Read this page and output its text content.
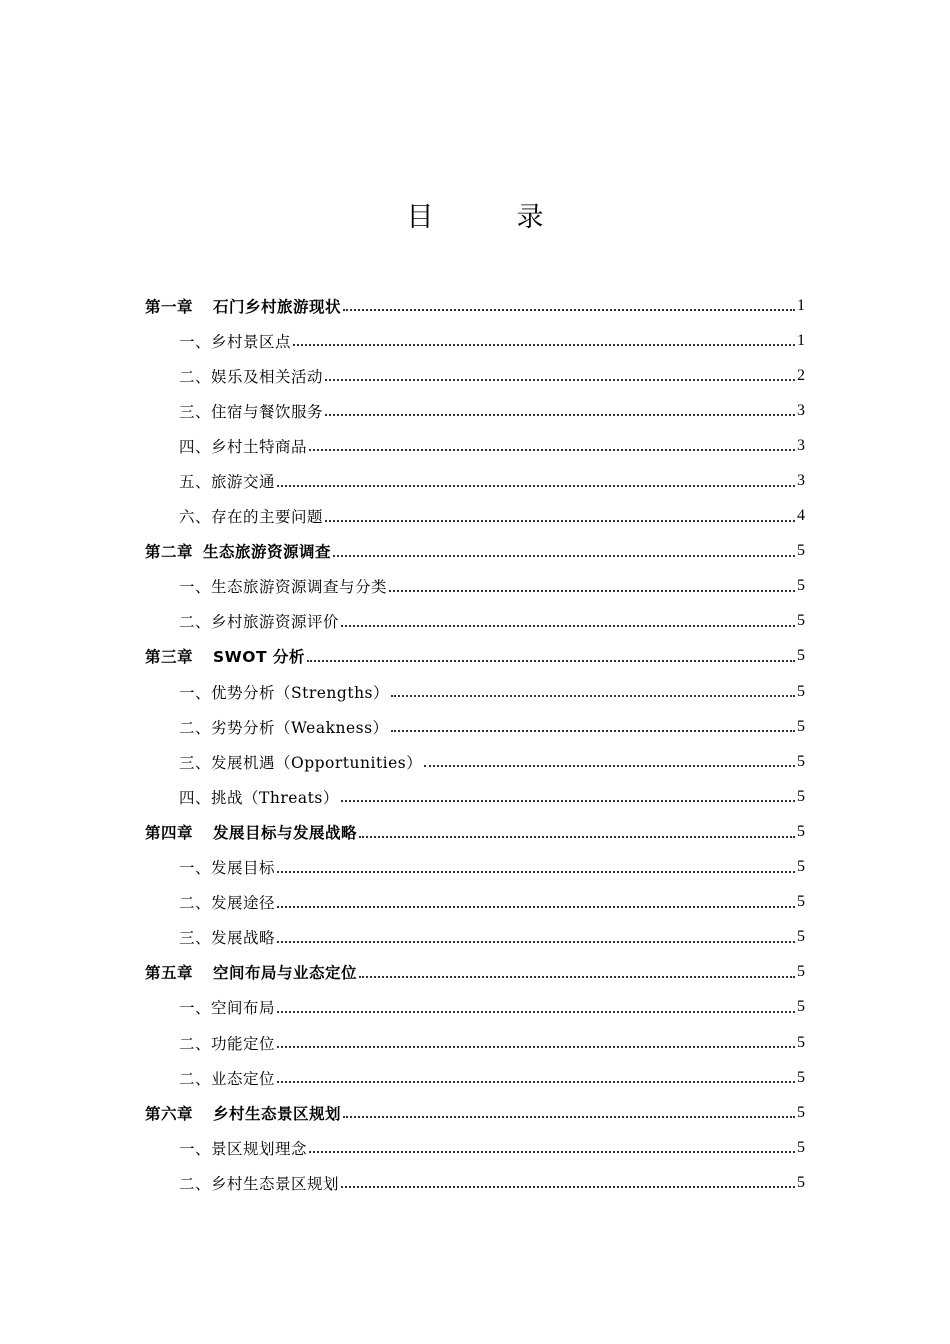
目　录
第一章 石门乡村旅游现状	1
一、乡村景区点	1
二、娱乐及相关活动	2
三、住宿与餐饮服务	3
四、乡村土特商品	3
五、旅游交通	3
六、存在的主要问题	4
第二章 生态旅游资源调查	5
一、生态旅游资源调查与分类	5
二、乡村旅游资源评价	5
第三章 SWOT 分析	5
一、优势分析（Strengths）	5
二、劣势分析（Weakness）	5
三、发展机遇（Opportunities）	5
四、挑战（Threats）	5
第四章 发展目标与发展战略	5
一、发展目标	5
二、发展途径	5
三、发展战略	5
第五章 空间布局与业态定位	5
一、空间布局	5
二、功能定位	5
二、业态定位	5
第六章 乡村生态景区规划	5
一、景区规划理念	5
二、乡村生态景区规划	5
